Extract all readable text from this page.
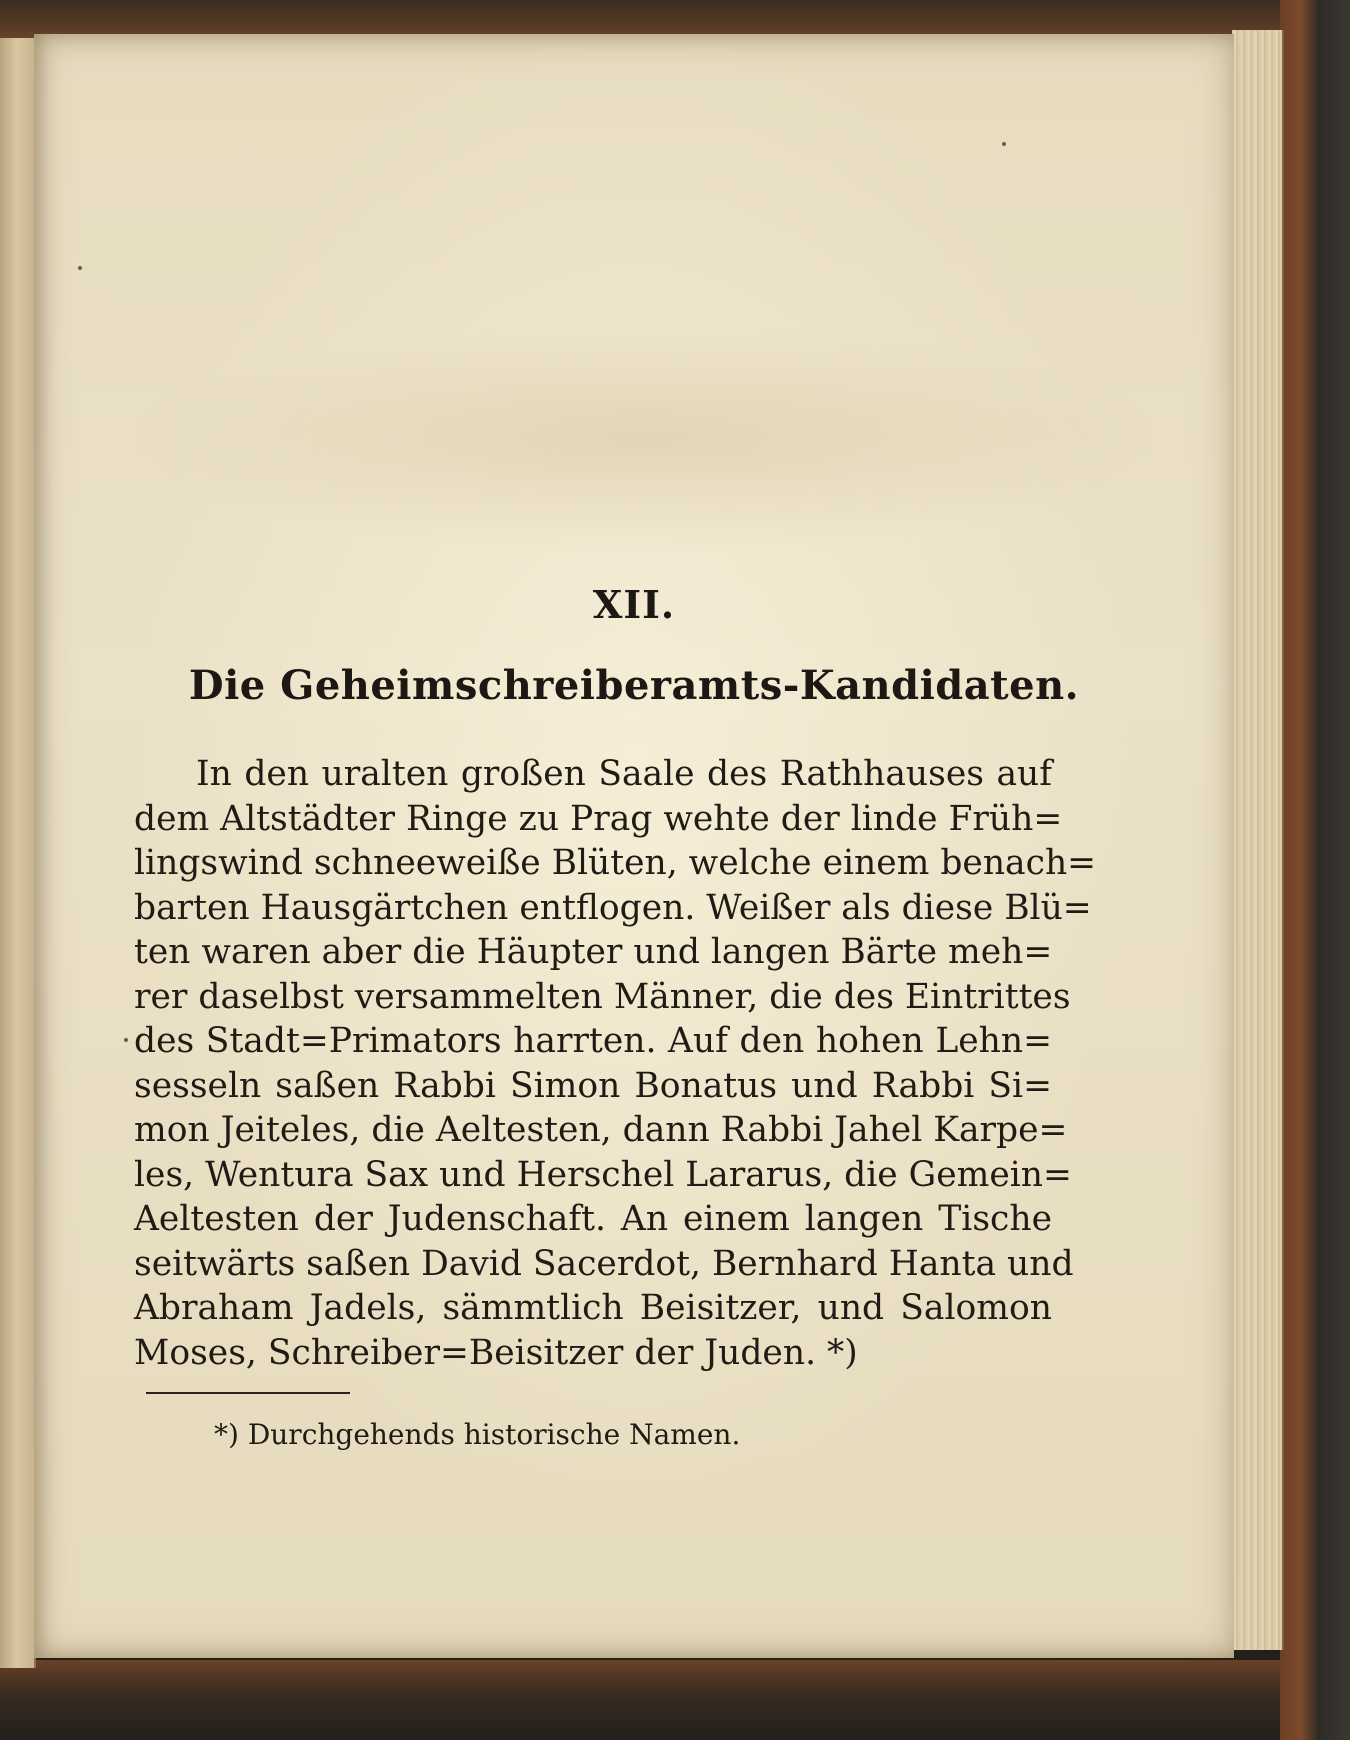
XII.
Die Geheimschreiberamts-Kandidaten.
In den uralten großen Saale des Rathhauses auf
dem Altstädter Ringe zu Prag wehte der linde Früh=
lingswind schneeweiße Blüten, welche einem benach=
barten Hausgärtchen entflogen. Weißer als diese Blü=
ten waren aber die Häupter und langen Bärte meh=
rer daselbst versammelten Männer, die des Eintrittes
des Stadt=Primators harrten. Auf den hohen Lehn=
sesseln saßen Rabbi Simon Bonatus und Rabbi Si=
mon Jeiteles, die Aeltesten, dann Rabbi Jahel Karpe=
les, Wentura Sax und Herschel Lararus, die Gemein=
Aeltesten der Judenschaft. An einem langen Tische
seitwärts saßen David Sacerdot, Bernhard Hanta und
Abraham Jadels, sämmtlich Beisitzer, und Salomon
Moses, Schreiber=Beisitzer der Juden. *)
*) Durchgehends historische Namen.
